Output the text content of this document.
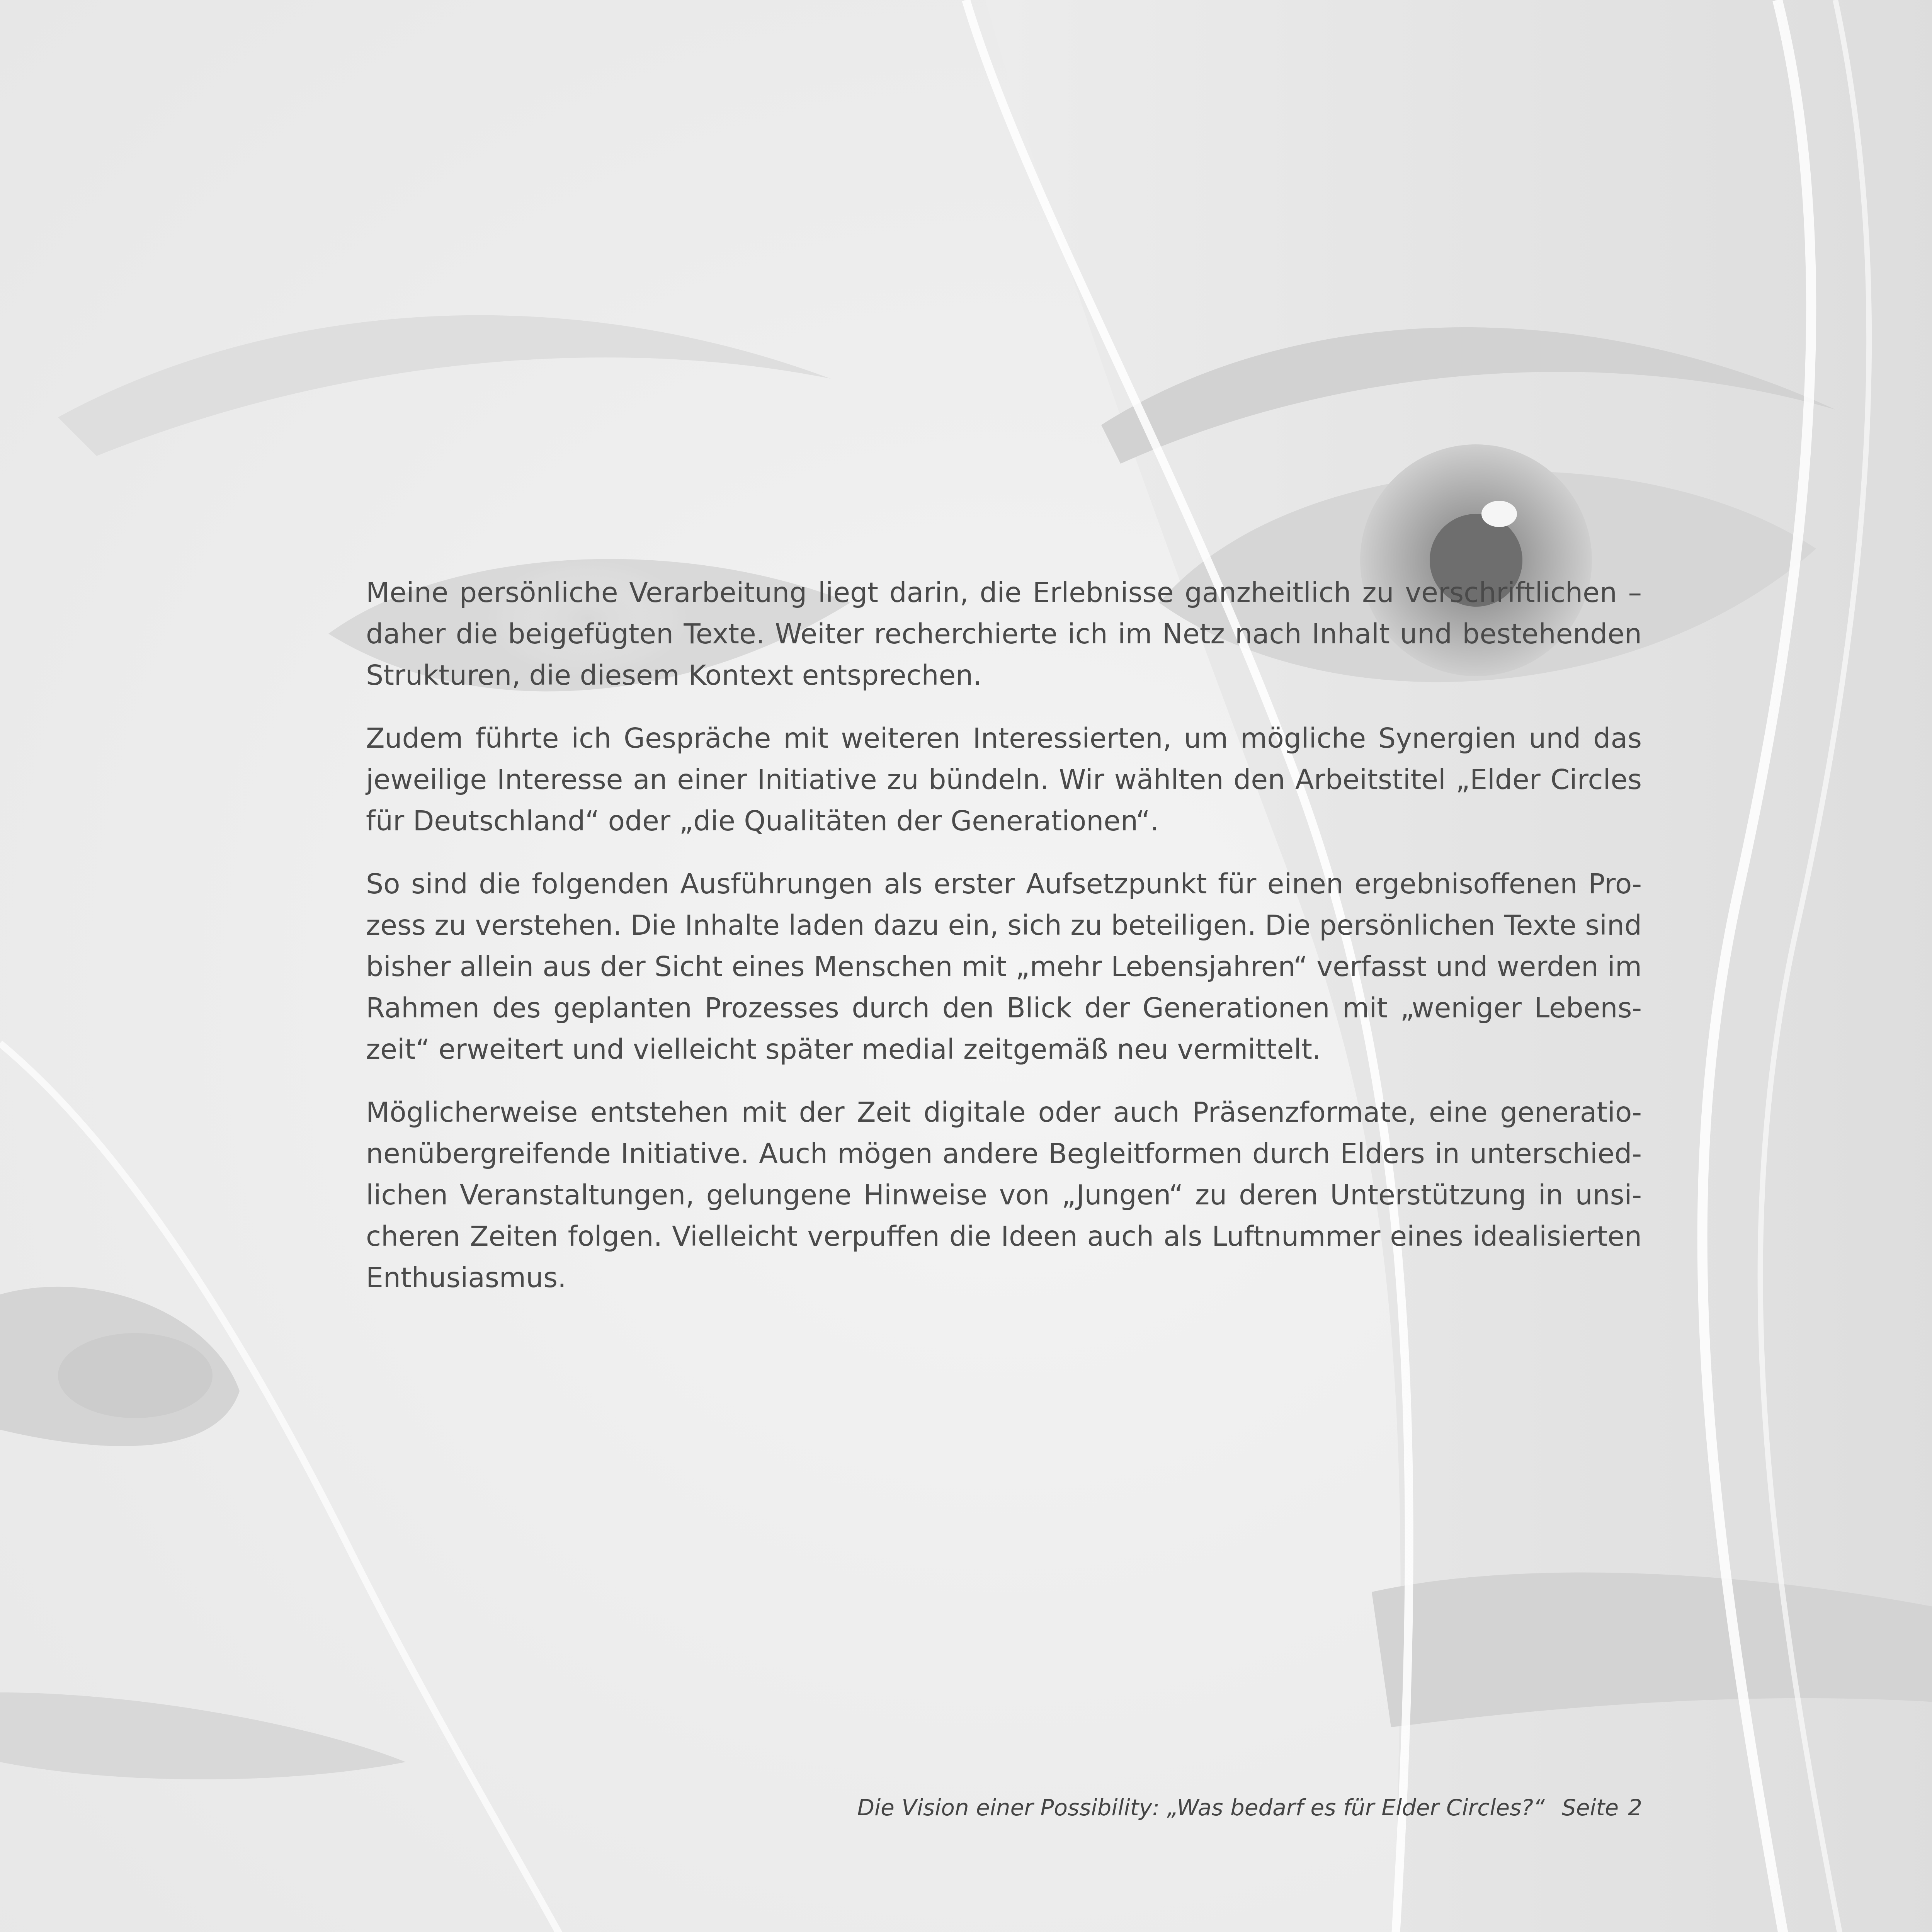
Meine persönliche Verarbeitung liegt darin, die Erlebnisse ganzheitlich zu verschriftlichen – daher die beigefügten Texte. Weiter recherchierte ich im Netz nach Inhalt und bestehenden Strukturen, die diesem Kontext entsprechen.

Zudem führte ich Gespräche mit weiteren Interessierten, um mögliche Synergien und das jeweilige Interesse an einer Initiative zu bündeln. Wir wählten den Arbeitstitel „Elder Circles für Deutschland“ oder „die Qualitäten der Generationen“.

So sind die folgenden Ausführungen als erster Aufsetzpunkt für einen ergebnisoffenen Prozess zu verstehen. Die Inhalte laden dazu ein, sich zu beteiligen. Die persönlichen Texte sind bisher allein aus der Sicht eines Menschen mit „mehr Lebensjahren“ verfasst und werden im Rahmen des geplanten Prozesses durch den Blick der Generationen mit „weniger Lebenszeit“ erweitert und vielleicht später medial zeitgemäß neu vermittelt.

Möglicherweise entstehen mit der Zeit digitale oder auch Präsenzformate, eine generationenübergreifende Initiative. Auch mögen andere Begleitformen durch Elders in unterschiedlichen Veranstaltungen, gelungene Hinweise von „Jungen“ zu deren Unterstützung in unsicheren Zeiten folgen. Vielleicht verpuffen die Ideen auch als Luftnummer eines idealisierten Enthusiasmus.

Die Vision einer Possibility: „Was bedarf es für Elder Circles?“ Seite 2
